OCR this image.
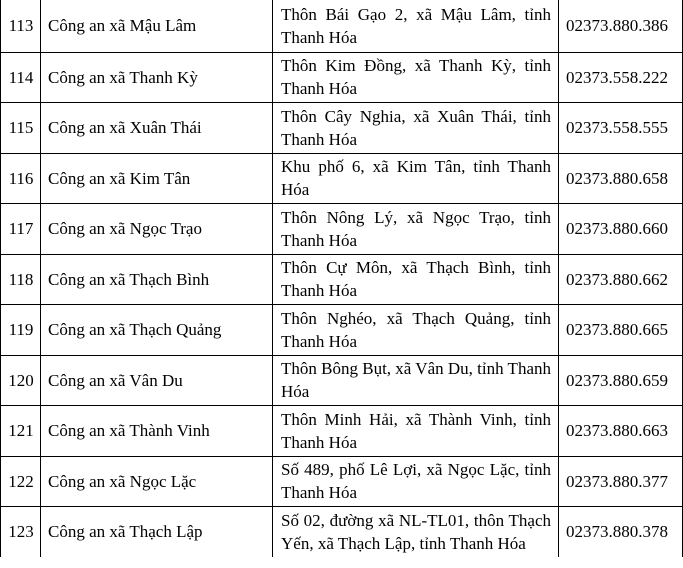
113	Công an xã Mậu Lâm	Thôn Bái Gạo 2, xã Mậu Lâm, tỉnh Thanh Hóa	02373.880.386
114	Công an xã Thanh Kỳ	Thôn Kim Đồng, xã Thanh Kỳ, tỉnh Thanh Hóa	02373.558.222
115	Công an xã Xuân Thái	Thôn Cây Nghia, xã Xuân Thái, tỉnh Thanh Hóa	02373.558.555
116	Công an xã Kim Tân	Khu phố 6, xã Kim Tân, tỉnh Thanh Hóa	02373.880.658
117	Công an xã Ngọc Trạo	Thôn Nông Lý, xã Ngọc Trạo, tỉnh Thanh Hóa	02373.880.660
118	Công an xã Thạch Bình	Thôn Cự Môn, xã Thạch Bình, tỉnh Thanh Hóa	02373.880.662
119	Công an xã Thạch Quảng	Thôn Nghéo, xã Thạch Quảng, tỉnh Thanh Hóa	02373.880.665
120	Công an xã Vân Du	Thôn Bông Bụt, xã Vân Du, tỉnh Thanh Hóa	02373.880.659
121	Công an xã Thành Vinh	Thôn Minh Hải, xã Thành Vinh, tỉnh Thanh Hóa	02373.880.663
122	Công an xã Ngọc Lặc	Số 489, phố Lê Lợi, xã Ngọc Lặc, tỉnh Thanh Hóa	02373.880.377
123	Công an xã Thạch Lập	Số 02, đường xã NL-TL01, thôn Thạch Yến, xã Thạch Lập, tỉnh Thanh Hóa	02373.880.378
